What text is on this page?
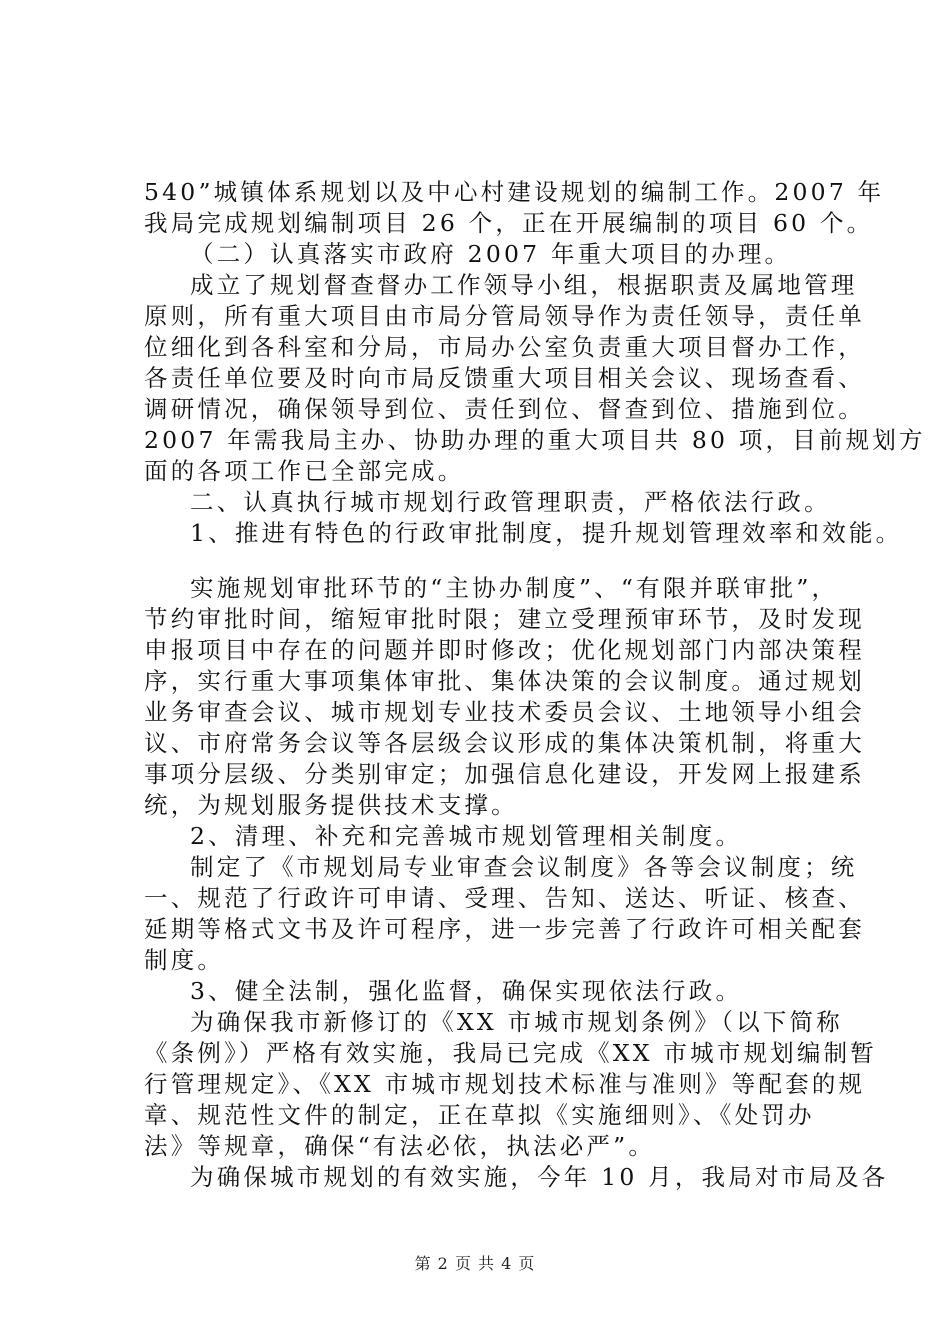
540”城镇体系规划以及中心村建设规划的编制工作。2007 年
我局完成规划编制项目 26 个，正在开展编制的项目 60 个。
（二）认真落实市政府 2007 年重大项目的办理。
成立了规划督查督办工作领导小组，根据职责及属地管理
原则，所有重大项目由市局分管局领导作为责任领导，责任单
位细化到各科室和分局，市局办公室负责重大项目督办工作，
各责任单位要及时向市局反馈重大项目相关会议、现场查看、
调研情况，确保领导到位、责任到位、督查到位、措施到位。
2007 年需我局主办、协助办理的重大项目共 80 项，目前规划方
面的各项工作已全部完成。
二、认真执行城市规划行政管理职责，严格依法行政。
1、推进有特色的行政审批制度，提升规划管理效率和效能。
实施规划审批环节的“主协办制度”、“有限并联审批”，
节约审批时间，缩短审批时限；建立受理预审环节，及时发现
申报项目中存在的问题并即时修改；优化规划部门内部决策程
序，实行重大事项集体审批、集体决策的会议制度。通过规划
业务审查会议、城市规划专业技术委员会议、土地领导小组会
议、市府常务会议等各层级会议形成的集体决策机制，将重大
事项分层级、分类别审定；加强信息化建设，开发网上报建系
统，为规划服务提供技术支撑。
2、清理、补充和完善城市规划管理相关制度。
制定了《市规划局专业审查会议制度》各等会议制度；统
一、规范了行政许可申请、受理、告知、送达、听证、核查、
延期等格式文书及许可程序，进一步完善了行政许可相关配套
制度。
3、健全法制，强化监督，确保实现依法行政。
为确保我市新修订的《XX 市城市规划条例》（以下简称
《条例》）严格有效实施，我局已完成《XX 市城市规划编制暂
行管理规定》、《XX 市城市规划技术标准与准则》等配套的规
章、规范性文件的制定，正在草拟《实施细则》、《处罚办
法》等规章，确保“有法必依，执法必严”。
为确保城市规划的有效实施，今年 10 月，我局对市局及各
第 2 页 共 4 页
